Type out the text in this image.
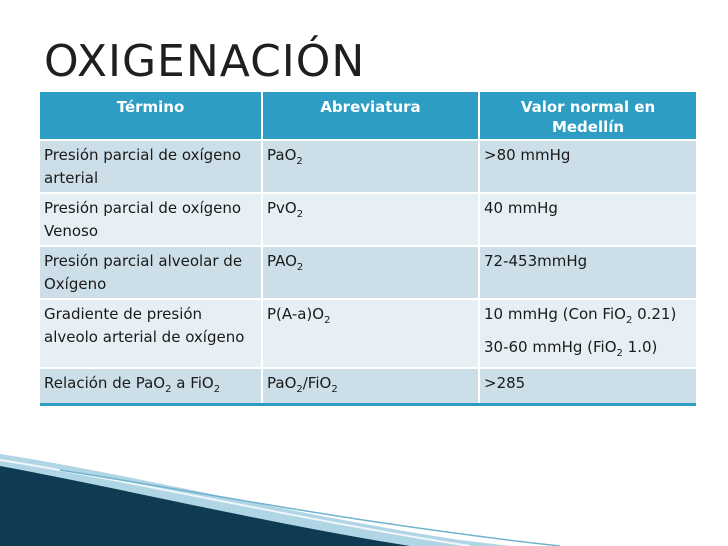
OXIGENACIÓN
Término	Abreviatura	Valor normal en Medellín
Presión parcial de oxígeno arterial	PaO$_2$	>80 mmHg
Presión parcial de oxígeno Venoso	PvO$_2$	40 mmHg
Presión parcial alveolar de Oxígeno	$PAO_2$	72-453mmHg
Gradiente de presión alveolo arterial de oxígeno	$P(A-a)O_2$	10 mmHg (Con FiO$_2$ 0.21)
30-60 mmHg (FiO$_2$ 1.0)

Relación de PaO$_2$ a FiO$_2$	PaO$_2$/FiO$_2$	>285
